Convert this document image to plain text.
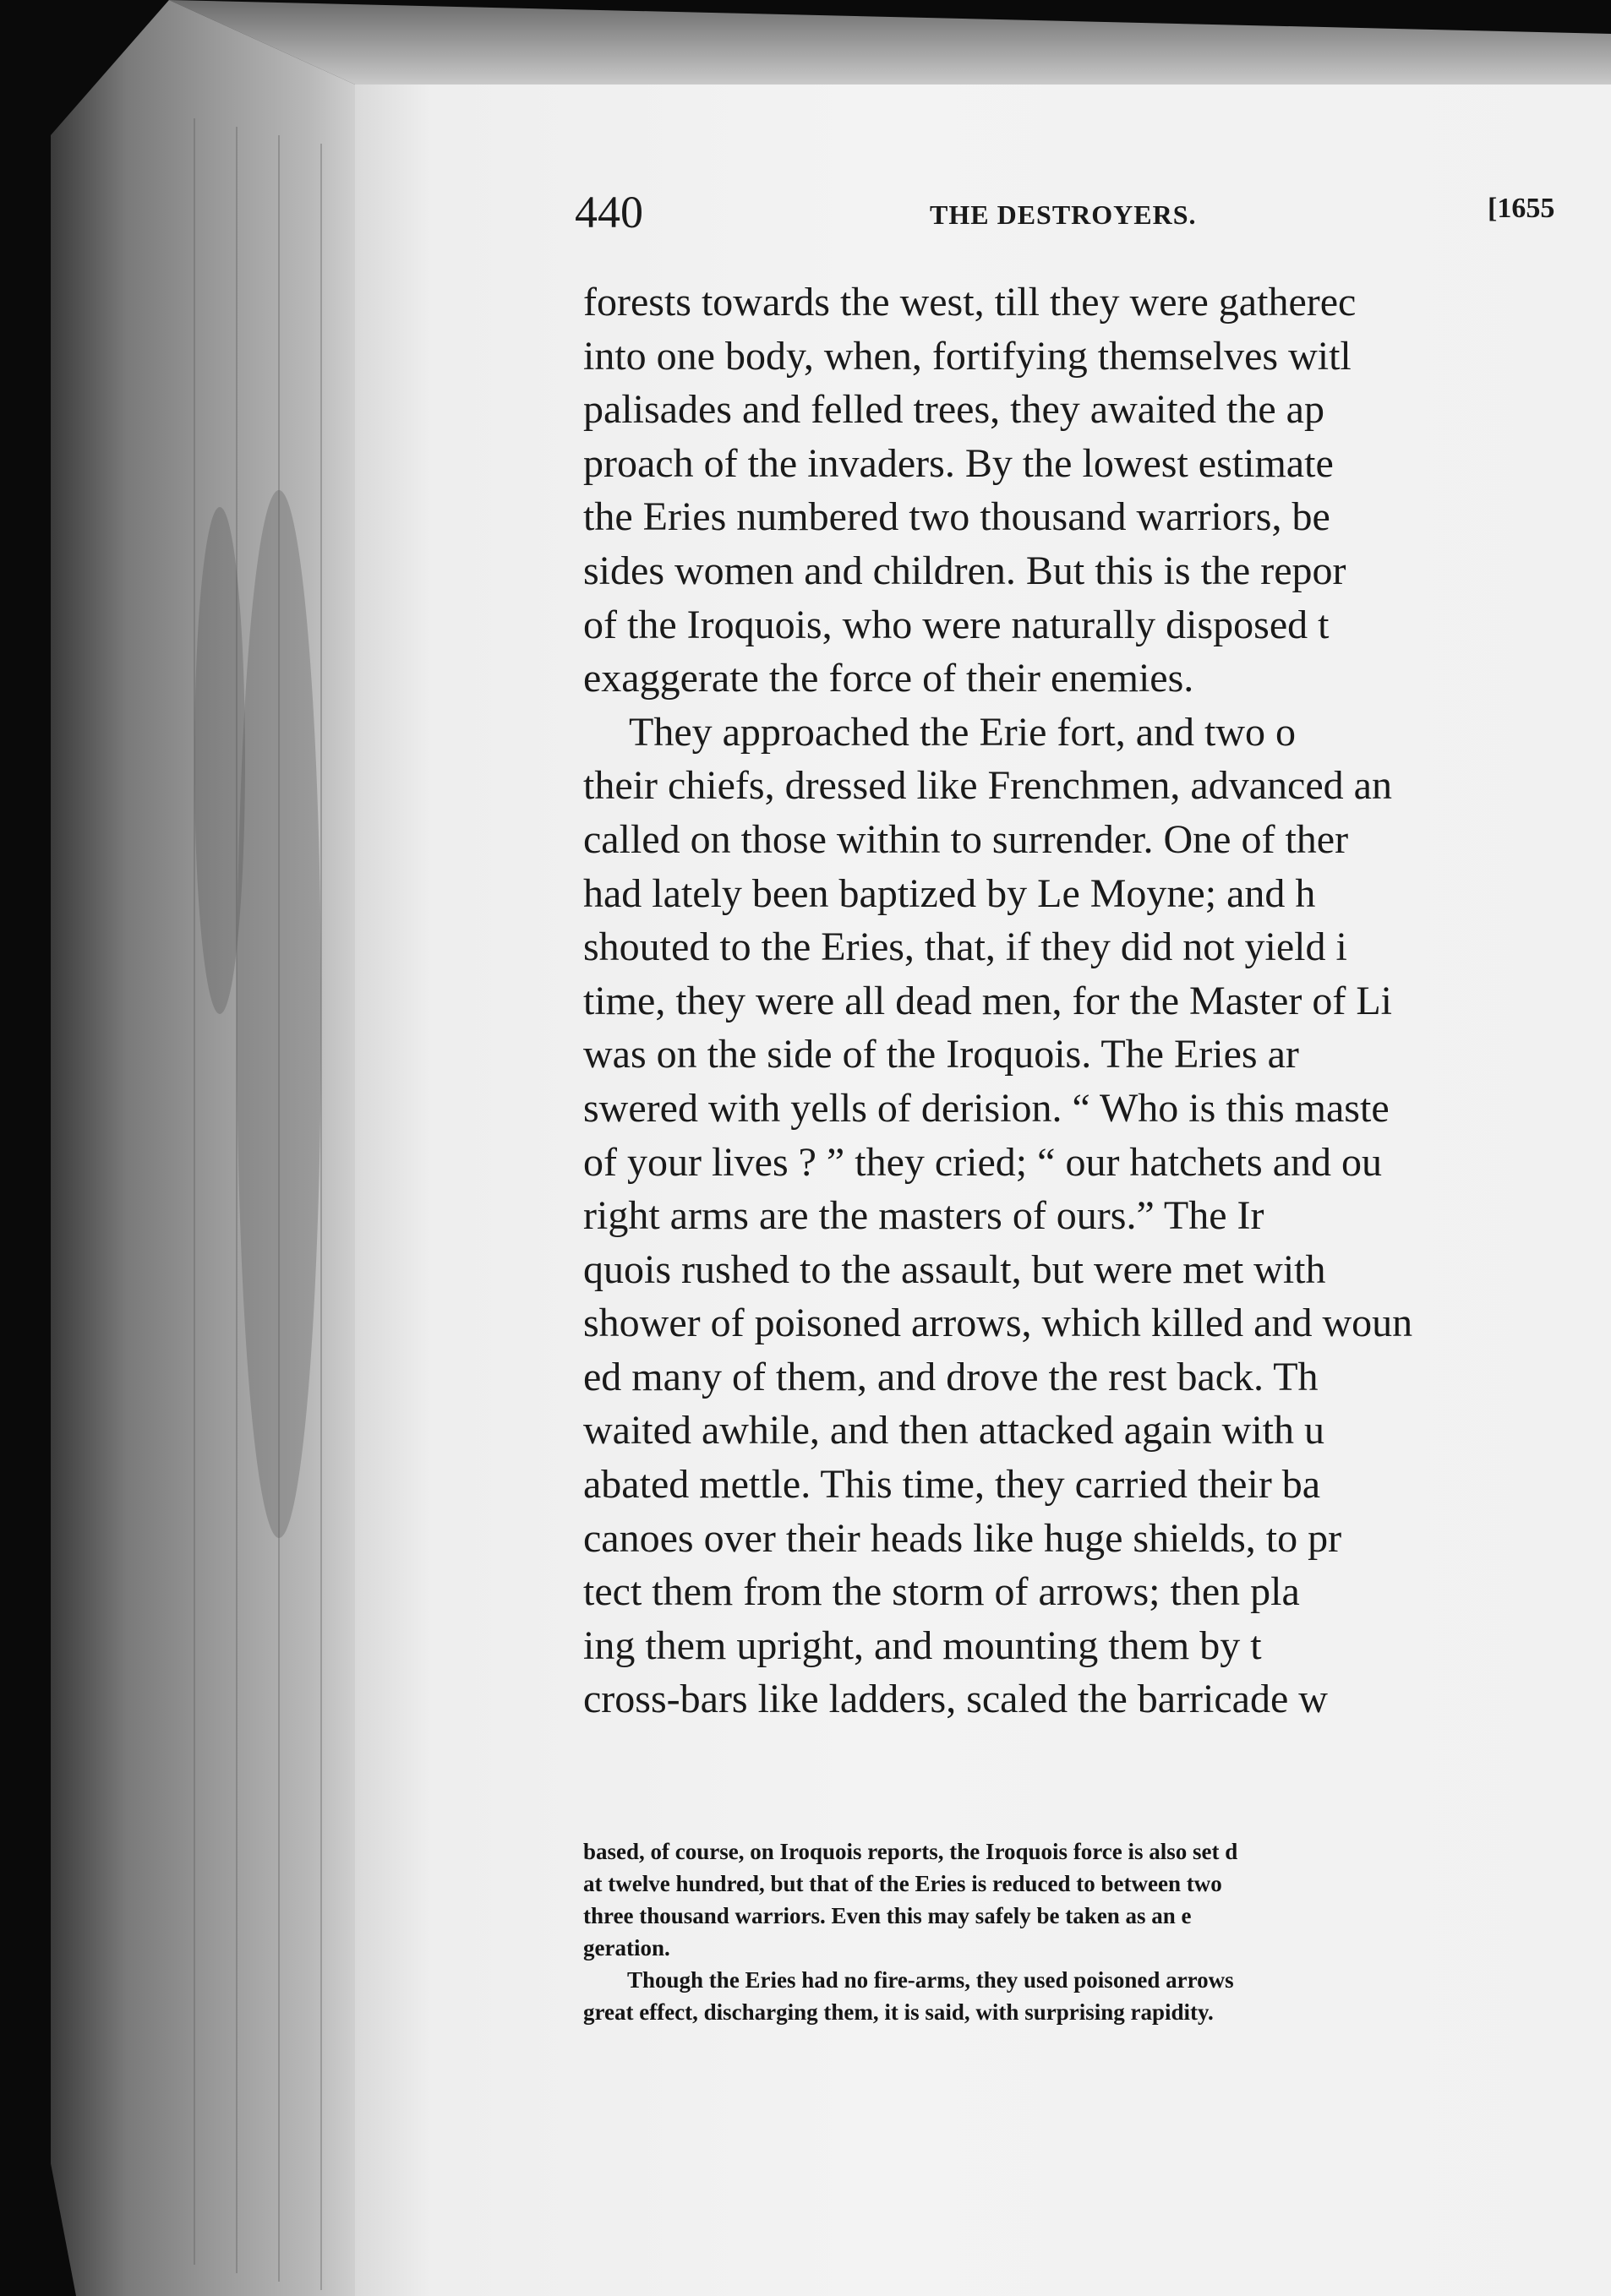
440	THE DESTROYERS.	[1655
forests towards the west, till they were gatherec
into one body, when, fortifying themselves witl
palisades and felled trees, they awaited the ap
proach of the invaders. By the lowest estimate
the Eries numbered two thousand warriors, be
sides women and children. But this is the repor
of the Iroquois, who were naturally disposed t
exaggerate the force of their enemies.
They approached the Erie fort, and two o
their chiefs, dressed like Frenchmen, advanced an
called on those within to surrender. One of ther
had lately been baptized by Le Moyne; and h
shouted to the Eries, that, if they did not yield i
time, they were all dead men, for the Master of Li
was on the side of the Iroquois. The Eries ar
swered with yells of derision. “ Who is this maste
of your lives ? ” they cried; “ our hatchets and ou
right arms are the masters of ours.” The Ir
quois rushed to the assault, but were met with
shower of poisoned arrows, which killed and woun
ed many of them, and drove the rest back. Th
waited awhile, and then attacked again with u
abated mettle. This time, they carried their ba
canoes over their heads like huge shields, to pr
tect them from the storm of arrows; then pla
ing them upright, and mounting them by t
cross-bars like ladders, scaled the barricade w
based, of course, on Iroquois reports, the Iroquois force is also set d
at twelve hundred, but that of the Eries is reduced to between two
three thousand warriors. Even this may safely be taken as an e
geration.
Though the Eries had no fire-arms, they used poisoned arrows
great effect, discharging them, it is said, with surprising rapidity.
